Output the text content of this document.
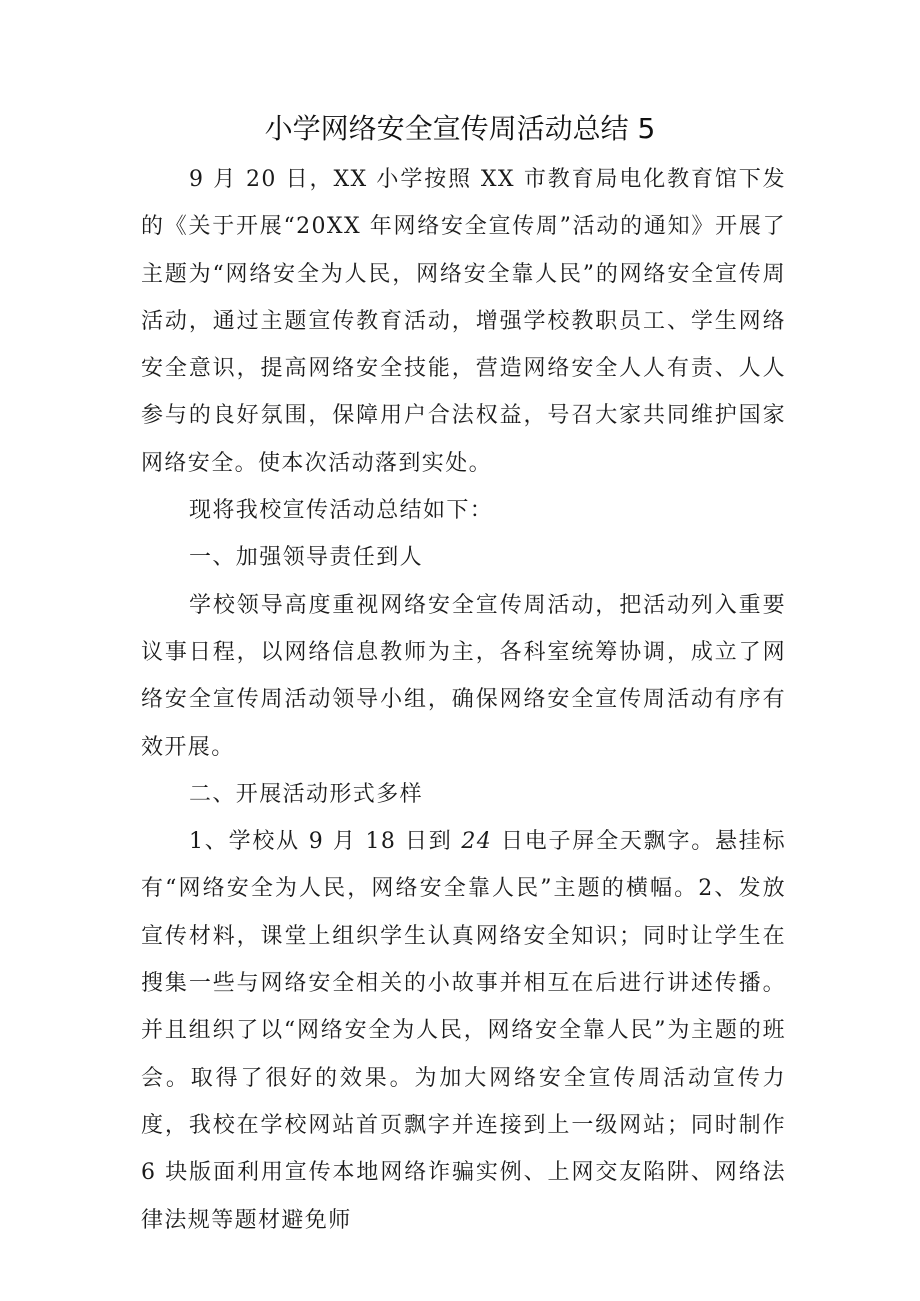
小学网络安全宣传周活动总结 5

9 月 20 日，XX 小学按照 XX 市教育局电化教育馆下发的《关于开展“20XX 年网络安全宣传周”活动的通知》开展了主题为“网络安全为人民，网络安全靠人民”的网络安全宣传周活动，通过主题宣传教育活动，增强学校教职员工、学生网络安全意识，提高网络安全技能，营造网络安全人人有责、人人参与的良好氛围，保障用户合法权益，号召大家共同维护国家网络安全。使本次活动落到实处。

现将我校宣传活动总结如下：

一、加强领导责任到人

学校领导高度重视网络安全宣传周活动，把活动列入重要议事日程，以网络信息教师为主，各科室统筹协调，成立了网络安全宣传周活动领导小组，确保网络安全宣传周活动有序有效开展。

二、开展活动形式多样

1、学校从 9 月 18 日到 24 日电子屏全天飘字。悬挂标有“网络安全为人民，网络安全靠人民”主题的横幅。2、发放宣传材料，课堂上组织学生认真网络安全知识；同时让学生在搜集一些与网络安全相关的小故事并相互在后进行讲述传播。并且组织了以“网络安全为人民，网络安全靠人民”为主题的班会。取得了很好的效果。为加大网络安全宣传周活动宣传力度，我校在学校网站首页飘字并连接到上一级网站；同时制作 6 块版面利用宣传本地网络诈骗实例、上网交友陷阱、网络法律法规等题材避免师
